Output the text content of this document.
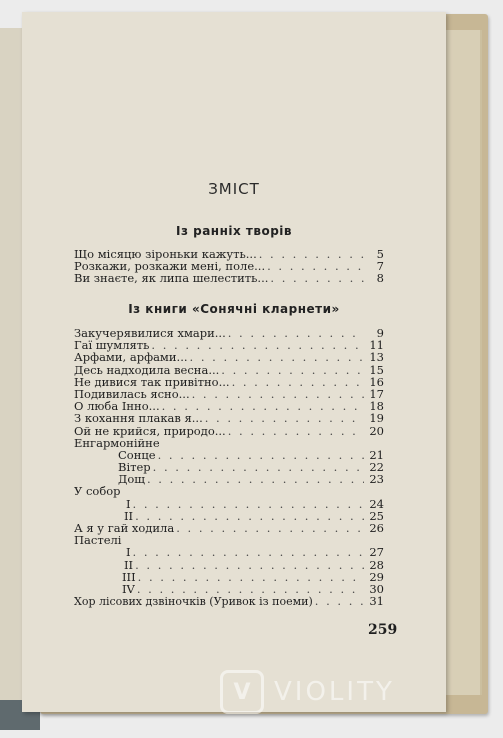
ЗМІСТ
Із ранніх творів
Що місяцю зіроньки кажуть... . . .	5
Розкажи, розкажи мені, поле... . . .	7
Ви знаєте, як липа шелестить... . . .	8
Із книги «Сонячні кларнети»
Закучерявилися хмари... . . .	9
Гаї шумлять . . .	11
Арфами, арфами... . . .	13
Десь надходила весна... . . .	15
Не дивися так привітно... . . .	16
Подивилась ясно... . . .	17
О люба Інно... . . .	18
З кохання плакав я... . . .	19
Ой не крийся, природо... . . .	20
Енгармонійне
Сонце . . .	21
Вітер . . .	22
Дощ . . .	23
У собор
I . . .	24
II . . .	25
А я у гай ходила . . .	26
Пастелі
I . . .	27
II . . .	28
III . . .	29
IV . . .	30
Хор лісових дзвіночків (Уривок із поеми) . . .	31
259
V VIOLITY
